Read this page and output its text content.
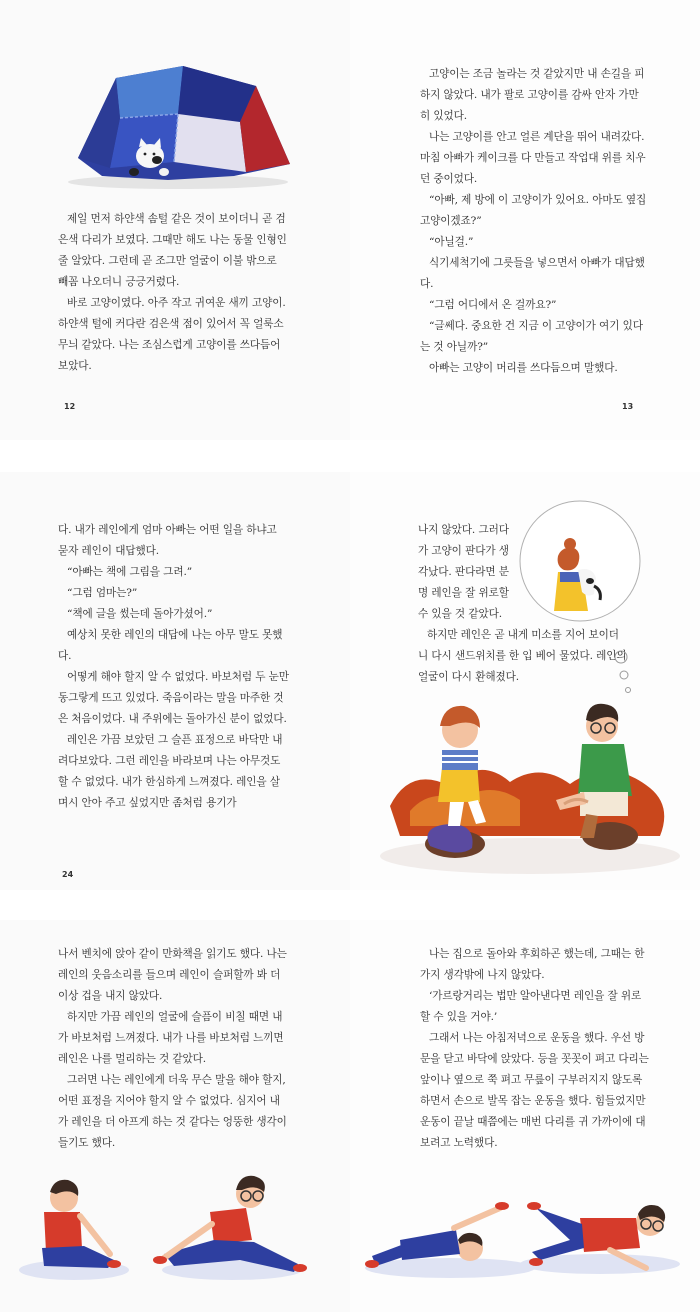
제일 먼저 하얀색 솜털 같은 것이 보이더니 곧 검은색 다리가 보였다. 그때만 해도 나는 동물 인형인 줄 알았다. 그런데 곧 조그만 얼굴이 이불 밖으로 빼꼼 나오더니 긍긍거렸다.

바로 고양이였다. 아주 작고 귀여운 새끼 고양이. 하얀색 털에 커다란 검은색 점이 있어서 꼭 얼룩소 무늬 같았다. 나는 조심스럽게 고양이를 쓰다듬어 보았다.

12

고양이는 조금 놀라는 것 같았지만 내 손길을 피하지 않았다. 내가 팔로 고양이를 감싸 안자 가만히 있었다.

나는 고양이를 안고 얼른 계단을 뛰어 내려갔다. 마침 아빠가 케이크를 다 만들고 작업대 위를 치우던 중이었다.

“아빠, 제 방에 이 고양이가 있어요. 아마도 옆집 고양이겠죠?”

“아닐걸.”

식기세척기에 그릇들을 넣으면서 아빠가 대답했다.

“그럼 어디에서 온 걸까요?”

“글쎄다. 중요한 건 지금 이 고양이가 여기 있다는 것 아닐까?”

아빠는 고양이 머리를 쓰다듬으며 말했다.

13

다. 내가 레인에게 엄마 아빠는 어떤 일을 하냐고 묻자 레인이 대답했다.

“아빠는 책에 그림을 그려.”

“그럼 엄마는?”

“책에 글을 썼는데 돌아가셨어.”

예상치 못한 레인의 대답에 나는 아무 말도 못했다.

어떻게 해야 할지 알 수 없었다. 바보처럼 두 눈만 동그랗게 뜨고 있었다. 죽음이라는 말을 마주한 것은 처음이었다. 내 주위에는 돌아가신 분이 없었다.

레인은 가끔 보았던 그 슬픈 표정으로 바닥만 내려다보았다. 그런 레인을 바라보며 나는 아무것도 할 수 없었다. 내가 한심하게 느껴졌다. 레인을 살며시 안아 주고 싶었지만 좀처럼 용기가

24

나지 않았다. 그러다가 고양이 판다가 생각났다. 판다라면 분명 레인을 잘 위로할 수 있을 것 같았다.

하지만 레인은 곧 내게 미소를 지어 보이더니 다시 샌드위치를 한 입 베어 물었다. 레인의 얼굴이 다시 환해졌다.

나서 벤치에 앉아 같이 만화책을 읽기도 했다. 나는 레인의 웃음소리를 들으며 레인이 슬퍼할까 봐 더 이상 겁을 내지 않았다.

하지만 가끔 레인의 얼굴에 슬픔이 비칠 때면 내가 바보처럼 느껴졌다. 내가 나를 바보처럼 느끼면 레인은 나를 멀리하는 것 같았다.

그러면 나는 레인에게 더욱 무슨 말을 해야 할지, 어떤 표정을 지어야 할지 알 수 없었다. 심지어 내가 레인을 더 아프게 하는 것 같다는 엉뚱한 생각이 들기도 했다.

나는 집으로 돌아와 후회하곤 했는데, 그때는 한 가지 생각밖에 나지 않았다.

‘가르랑거리는 법만 알아낸다면 레인을 잘 위로할 수 있을 거야.’

그래서 나는 아침저녁으로 운동을 했다. 우선 방문을 닫고 바닥에 앉았다. 등을 꼿꼿이 펴고 다리는 앞이나 옆으로 쭉 펴고 무릎이 구부러지지 않도록 하면서 손으로 발목 잡는 운동을 했다. 힘들었지만 운동이 끝날 때쯤에는 매번 다리를 귀 가까이에 대 보려고 노력했다.
